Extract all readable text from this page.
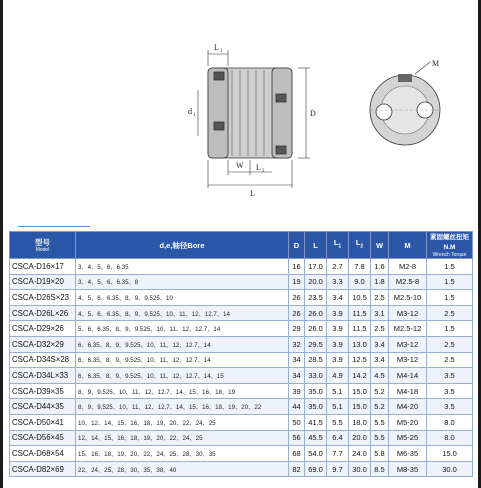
L 1
d 1	D
W L 2
L
M
型号
Model	d,e,轴径Bore	D	L	$L_1$	$L_2$	W	M	紧固螺丝扭矩N.M
Wrench Torque

CSCA-D16×17	3、4、5、6、6.35	16	17.0	2.7	7.8	1.6	M2-8	1.5
CSCA-D19×20	3、4、5、6、6.35、8	19	20.0	3.3	9.0	1.8	M2.5-8	1.5
CSCA-D26S×23	4、5、6、6.35、8、9、9.525、10	26	23.5	3.4	10.5	2.5	M2.5-10	1.5
CSCA-D26L×26	4、5、6、6.35、8、9、9.525、10、11、12、12.7、14	26	26.0	3.9	11.5	3.1	M3-12	2.5
CSCA-D29×26	5、6、6.35、8、9、9.525、10、11、12、12.7、14	29	26.0	3.9	11.5	2.5	M2.5-12	1.5
CSCA-D32×29	6、6.35、8、9、9.525、10、11、12、12.7、14	32	29.5	3.9	13.0	3.4	M3-12	2.5
CSCA-D34S×28	6、6.35、8、9、9.525、10、11、12、12.7、14	34	28.5	3.9	12.5	3.4	M3-12	2.5
CSCA-D34L×33	6、6.35、8、9、9.525、10、11、12、12.7、14、15	34	33.0	4.9	14.2	4.5	M4-14	3.5
CSCA-D39×35	8、9、9.525、10、11、12、12.7、14、15、16、18、19	39	35.0	5.1	15.0	5.2	M4-18	3.5
CSCA-D44×35	8、9、9.525、10、11、12、12.7、14、15、16、18、19、20、22	44	35.0	5.1	15.0	5.2	M4-20	3.5
CSCA-D50×41	10、12、14、15、16、18、19、20、22、24、25	50	41.5	5.5	18.0	5.5	M5-20	8.0
CSCA-D56×45	12、14、15、16、18、19、20、22、24、25	56	45.5	6.4	20.0	5.5	M5-25	8.0
CSCA-D68×54	15、16、18、19、20、22、24、25、28、30、35	68	54.0	7.7	24.0	5.8	M6-35	15.0
CSCA-D82×69	22、24、25、28、30、35、38、40	82	69.0	9.7	30.0	8.5	M8-35	30.0
